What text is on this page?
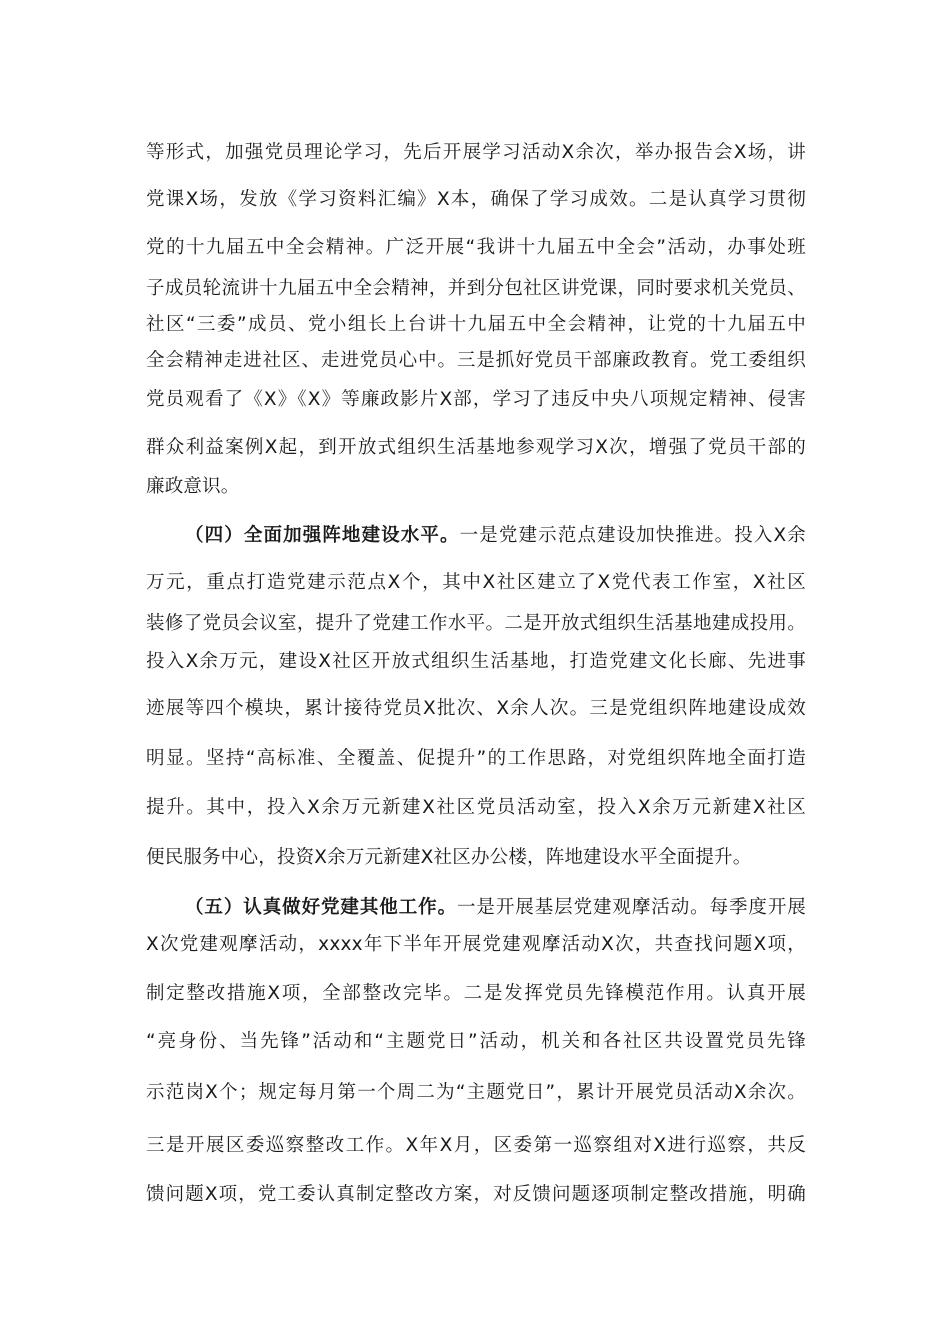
等形式，加强党员理论学习，先后开展学习活动X余次，举办报告会X场，讲
党课X场，发放《学习资料汇编》X本，确保了学习成效。二是认真学习贯彻
党的十九届五中全会精神。广泛开展“我讲十九届五中全会”活动，办事处班
子成员轮流讲十九届五中全会精神，并到分包社区讲党课，同时要求机关党员、
社区“三委”成员、党小组长上台讲十九届五中全会精神，让党的十九届五中
全会精神走进社区、走进党员心中。三是抓好党员干部廉政教育。党工委组织
党员观看了《X》《X》等廉政影片X部，学习了违反中央八项规定精神、侵害
群众利益案例X起，到开放式组织生活基地参观学习X次，增强了党员干部的
廉政意识。
（四）全面加强阵地建设水平。一是党建示范点建设加快推进。投入X余
万元，重点打造党建示范点X个，其中X社区建立了X党代表工作室，X社区
装修了党员会议室，提升了党建工作水平。二是开放式组织生活基地建成投用。
投入X余万元，建设X社区开放式组织生活基地，打造党建文化长廊、先进事
迹展等四个模块，累计接待党员X批次、X余人次。三是党组织阵地建设成效
明显。坚持“高标准、全覆盖、促提升”的工作思路，对党组织阵地全面打造
提升。其中，投入X余万元新建X社区党员活动室，投入X余万元新建X社区
便民服务中心，投资X余万元新建X社区办公楼，阵地建设水平全面提升。
（五）认真做好党建其他工作。一是开展基层党建观摩活动。每季度开展
X次党建观摩活动，xxxx年下半年开展党建观摩活动X次，共查找问题X项，
制定整改措施X项，全部整改完毕。二是发挥党员先锋模范作用。认真开展
“亮身份、当先锋”活动和“主题党日”活动，机关和各社区共设置党员先锋
示范岗X个；规定每月第一个周二为“主题党日”，累计开展党员活动X余次。
三是开展区委巡察整改工作。X年X月，区委第一巡察组对X进行巡察，共反
馈问题X项，党工委认真制定整改方案，对反馈问题逐项制定整改措施，明确
